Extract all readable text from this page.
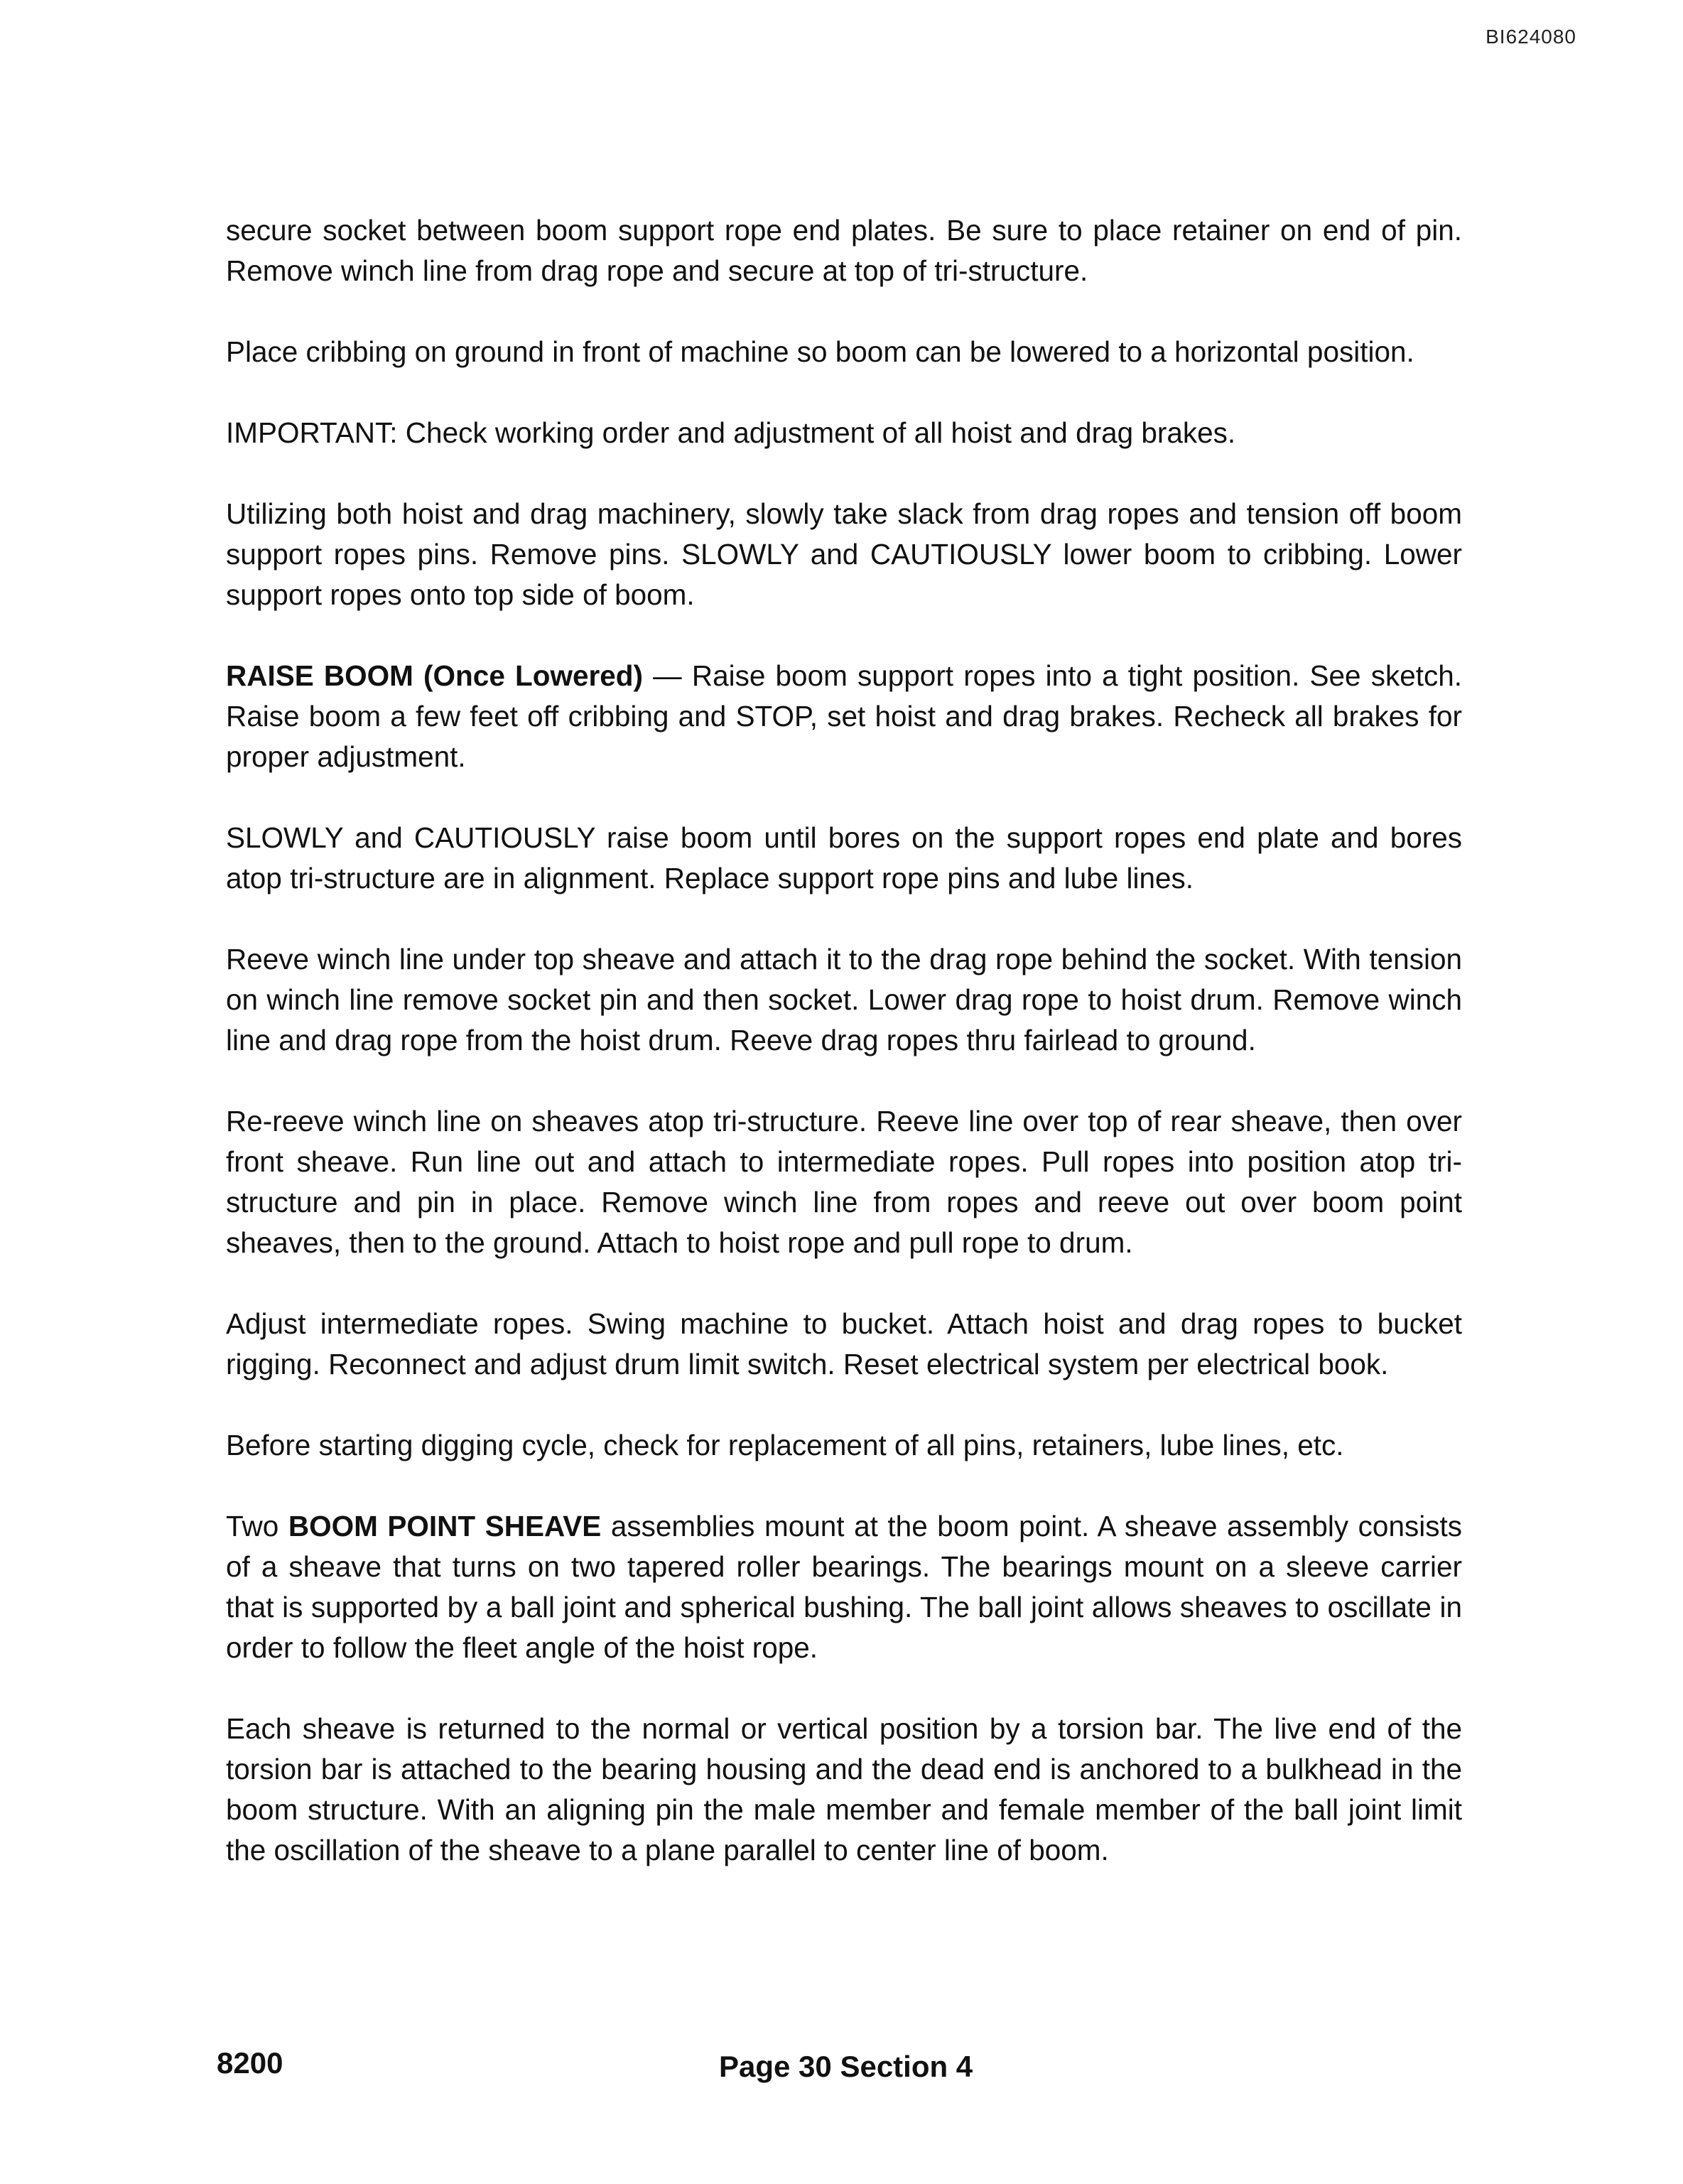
BI624080

secure socket between boom support rope end plates. Be sure to place retainer on end of pin. Remove winch line from drag rope and secure at top of tri-structure.

Place cribbing on ground in front of machine so boom can be lowered to a horizontal position.

IMPORTANT: Check working order and adjustment of all hoist and drag brakes.

Utilizing both hoist and drag machinery, slowly take slack from drag ropes and tension off boom support ropes pins. Remove pins. SLOWLY and CAUTIOUSLY lower boom to cribbing. Lower support ropes onto top side of boom.

RAISE BOOM (Once Lowered) — Raise boom support ropes into a tight position. See sketch. Raise boom a few feet off cribbing and STOP, set hoist and drag brakes. Recheck all brakes for proper adjustment.

SLOWLY and CAUTIOUSLY raise boom until bores on the support ropes end plate and bores atop tri-structure are in alignment. Replace support rope pins and lube lines.

Reeve winch line under top sheave and attach it to the drag rope behind the socket. With tension on winch line remove socket pin and then socket. Lower drag rope to hoist drum. Remove winch line and drag rope from the hoist drum. Reeve drag ropes thru fairlead to ground.

Re-reeve winch line on sheaves atop tri-structure. Reeve line over top of rear sheave, then over front sheave. Run line out and attach to intermediate ropes. Pull ropes into position atop tri-structure and pin in place. Remove winch line from ropes and reeve out over boom point sheaves, then to the ground. Attach to hoist rope and pull rope to drum.

Adjust intermediate ropes. Swing machine to bucket. Attach hoist and drag ropes to bucket rigging. Reconnect and adjust drum limit switch. Reset electrical system per electrical book.

Before starting digging cycle, check for replacement of all pins, retainers, lube lines, etc.

Two BOOM POINT SHEAVE assemblies mount at the boom point. A sheave assembly consists of a sheave that turns on two tapered roller bearings. The bearings mount on a sleeve carrier that is supported by a ball joint and spherical bushing. The ball joint allows sheaves to oscillate in order to follow the fleet angle of the hoist rope.

Each sheave is returned to the normal or vertical position by a torsion bar. The live end of the torsion bar is attached to the bearing housing and the dead end is anchored to a bulkhead in the boom structure. With an aligning pin the male member and female member of the ball joint limit the oscillation of the sheave to a plane parallel to center line of boom.

8200	Page 30 Section 4
